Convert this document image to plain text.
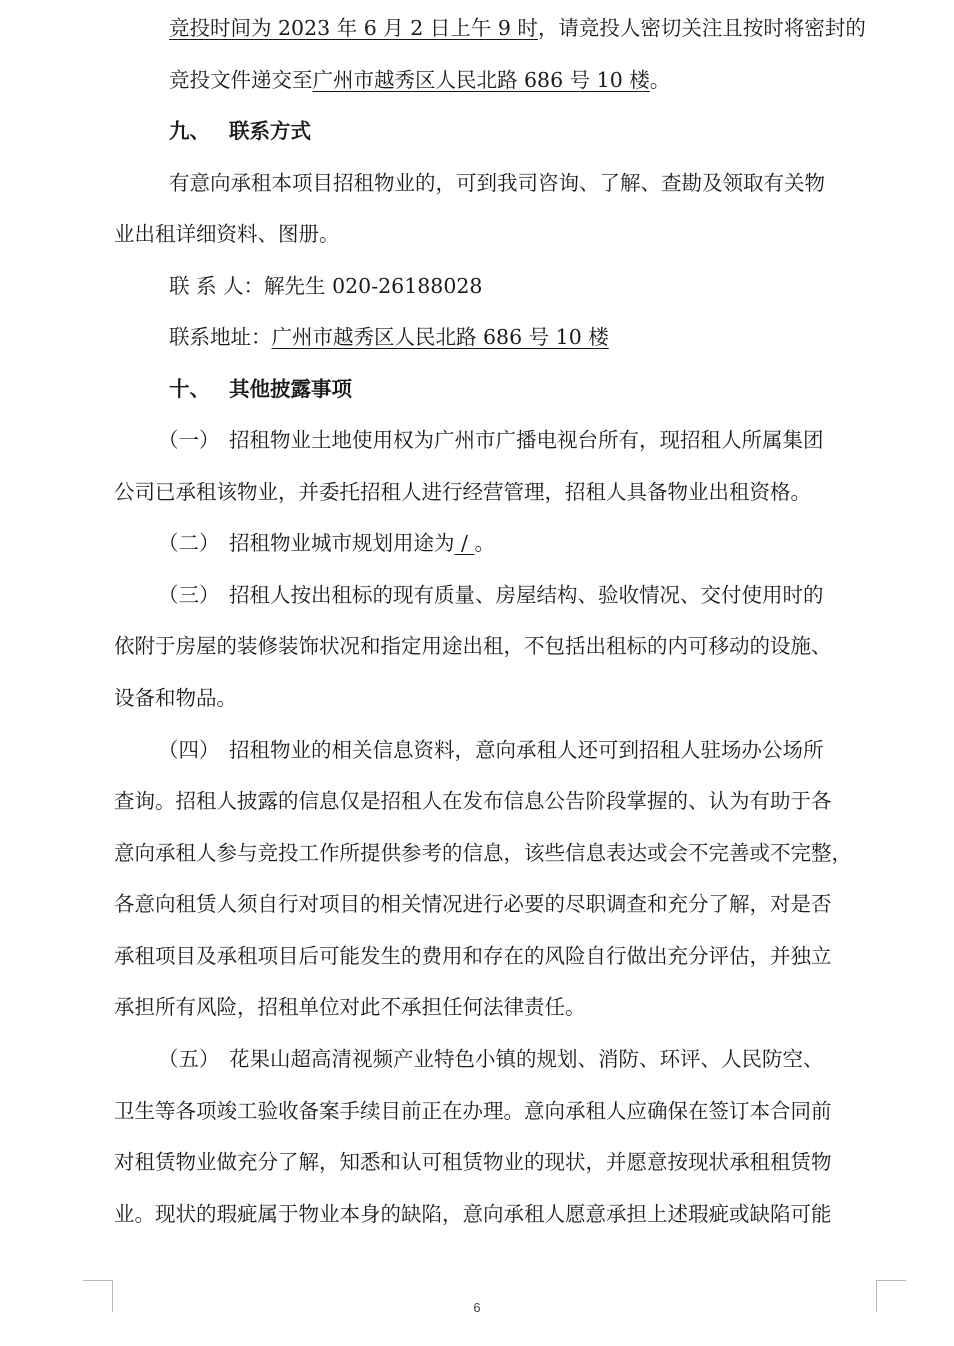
竞投时间为 2023 年 6 月 2 日上午 9 时，请竞投人密切关注且按时将密封的
竞投文件递交至广州市越秀区人民北路 686 号 10 楼。
九、 联系方式
有意向承租本项目招租物业的，可到我司咨询、了解、查勘及领取有关物
业出租详细资料、图册。
联 系 人：解先生 020-26188028
联系地址：广州市越秀区人民北路 686 号 10 楼
十、 其他披露事项
（一） 招租物业土地使用权为广州市广播电视台所有，现招租人所属集团
公司已承租该物业，并委托招租人进行经营管理，招租人具备物业出租资格。
（二） 招租物业城市规划用途为 / 。
（三） 招租人按出租标的现有质量、房屋结构、验收情况、交付使用时的
依附于房屋的装修装饰状况和指定用途出租，不包括出租标的内可移动的设施、
设备和物品。
（四） 招租物业的相关信息资料，意向承租人还可到招租人驻场办公场所
查询。招租人披露的信息仅是招租人在发布信息公告阶段掌握的、认为有助于各
意向承租人参与竞投工作所提供参考的信息，该些信息表达或会不完善或不完整，
各意向租赁人须自行对项目的相关情况进行必要的尽职调查和充分了解，对是否
承租项目及承租项目后可能发生的费用和存在的风险自行做出充分评估，并独立
承担所有风险，招租单位对此不承担任何法律责任。
（五） 花果山超高清视频产业特色小镇的规划、消防、环评、人民防空、
卫生等各项竣工验收备案手续目前正在办理。意向承租人应确保在签订本合同前
对租赁物业做充分了解，知悉和认可租赁物业的现状，并愿意按现状承租租赁物
业。现状的瑕疵属于物业本身的缺陷，意向承租人愿意承担上述瑕疵或缺陷可能
6
